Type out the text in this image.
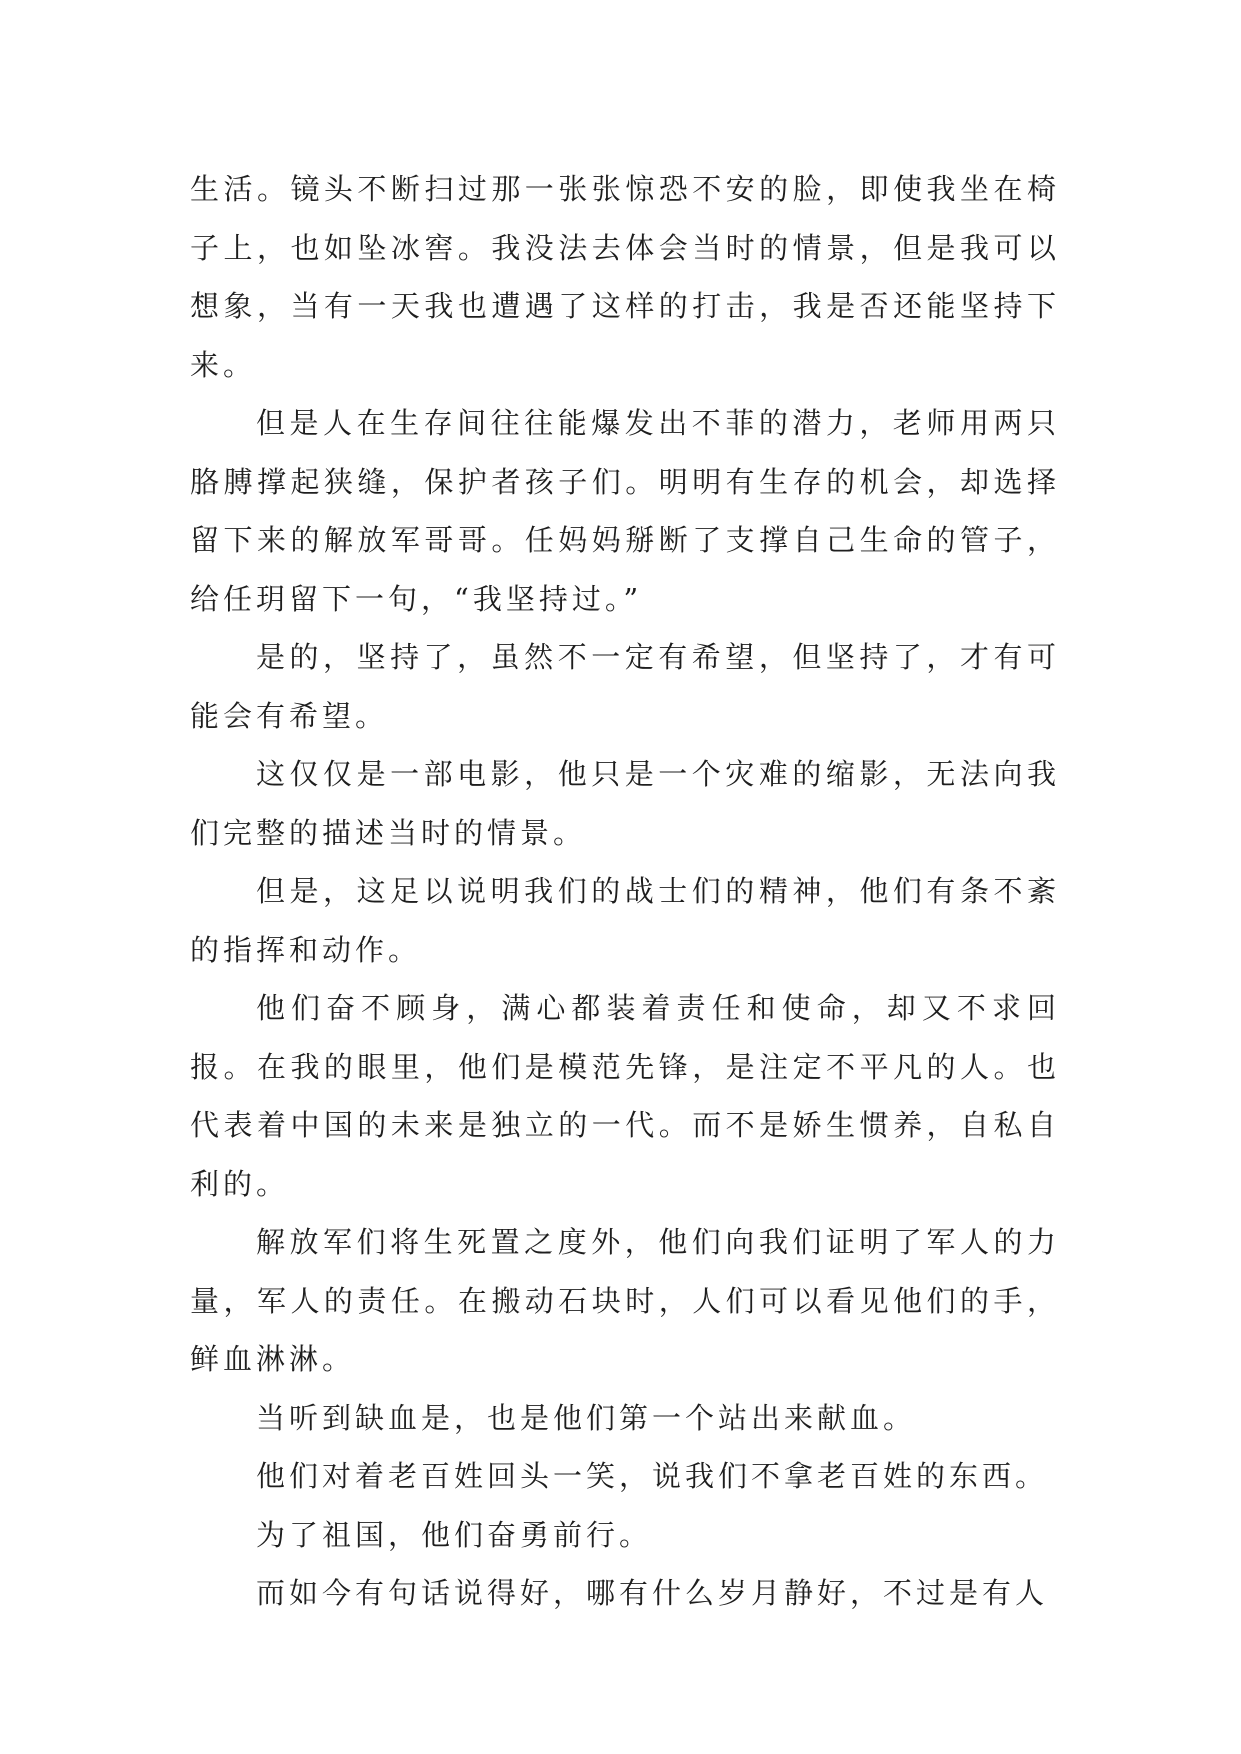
生活。镜头不断扫过那一张张惊恐不安的脸，即使我坐在椅子上，也如坠冰窖。我没法去体会当时的情景，但是我可以想象，当有一天我也遭遇了这样的打击，我是否还能坚持下来。

但是人在生存间往往能爆发出不菲的潜力，老师用两只胳膊撑起狭缝，保护者孩子们。明明有生存的机会，却选择留下来的解放军哥哥。任妈妈掰断了支撑自己生命的管子，给任玥留下一句，“我坚持过。”

是的，坚持了，虽然不一定有希望，但坚持了，才有可能会有希望。

这仅仅是一部电影，他只是一个灾难的缩影，无法向我们完整的描述当时的情景。

但是，这足以说明我们的战士们的精神，他们有条不紊的指挥和动作。

他们奋不顾身，满心都装着责任和使命，却又不求回报。在我的眼里，他们是模范先锋，是注定不平凡的人。也代表着中国的未来是独立的一代。而不是娇生惯养，自私自利的。

解放军们将生死置之度外，他们向我们证明了军人的力量，军人的责任。在搬动石块时，人们可以看见他们的手，鲜血淋淋。

当听到缺血是，也是他们第一个站出来献血。

他们对着老百姓回头一笑，说我们不拿老百姓的东西。

为了祖国，他们奋勇前行。

而如今有句话说得好，哪有什么岁月静好，不过是有人
